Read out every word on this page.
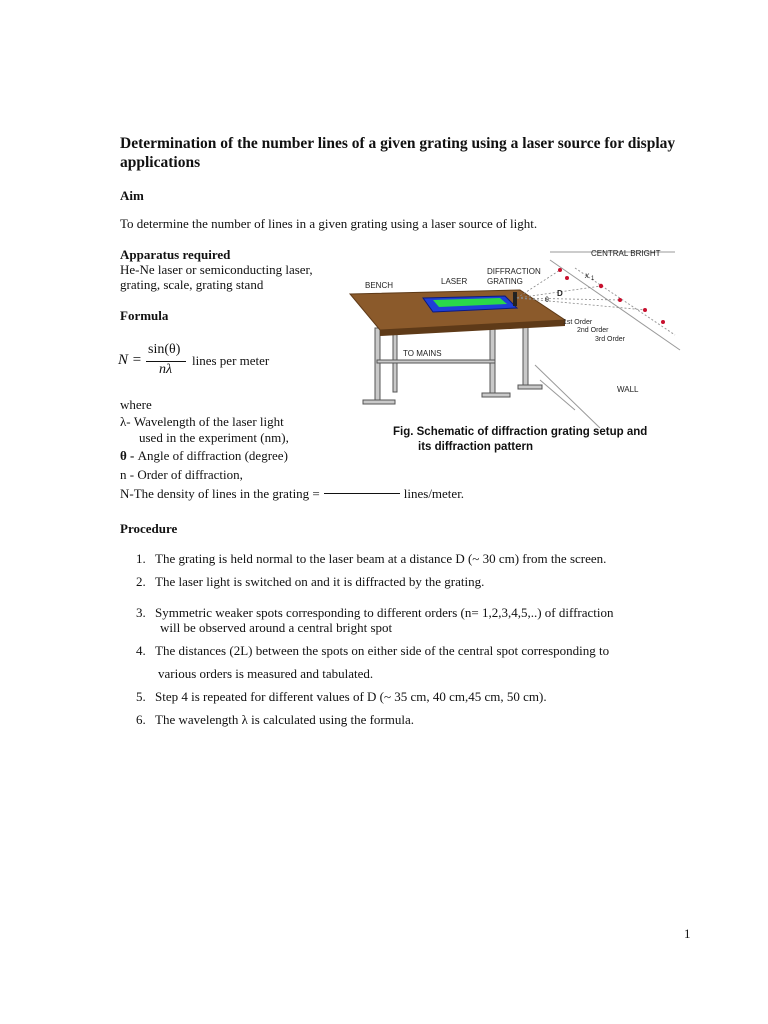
Determination of the number lines of a given grating using a laser source for display applications
Aim
To determine the number of lines in a given grating using a laser source of light.
Apparatus required
He-Ne laser or semiconducting laser,
grating, scale, grating stand
Formula
N =
sin(θ)
nλ
lines per meter
where
λ- Wavelength of the laser light
used in the experiment (nm),
θ - Angle of diffraction (degree)
n - Order of diffraction,
N-The density of lines in the grating =	lines/meter.
BENCH	LASER
DIFFRACTION
GRATING
CENTRAL BRIGHT
TO MAINS
WALL
1st Order
2nd Order
3rd Order
D
x 1
θ
Fig. Schematic of diffraction grating setup and
its diffraction pattern
Procedure
1. The grating is held normal to the laser beam at a distance D (~ 30 cm) from the screen.
2. The laser light is switched on and it is diffracted by the grating.
3. Symmetric weaker spots corresponding to different orders (n= 1,2,3,4,5,..) of diffraction
will be observed around a central bright spot
4. The distances (2L) between the spots on either side of the central spot corresponding to
various orders is measured and tabulated.
5. Step 4 is repeated for different values of D (~ 35 cm, 40 cm,45 cm, 50 cm).
6. The wavelength λ is calculated using the formula.
1
